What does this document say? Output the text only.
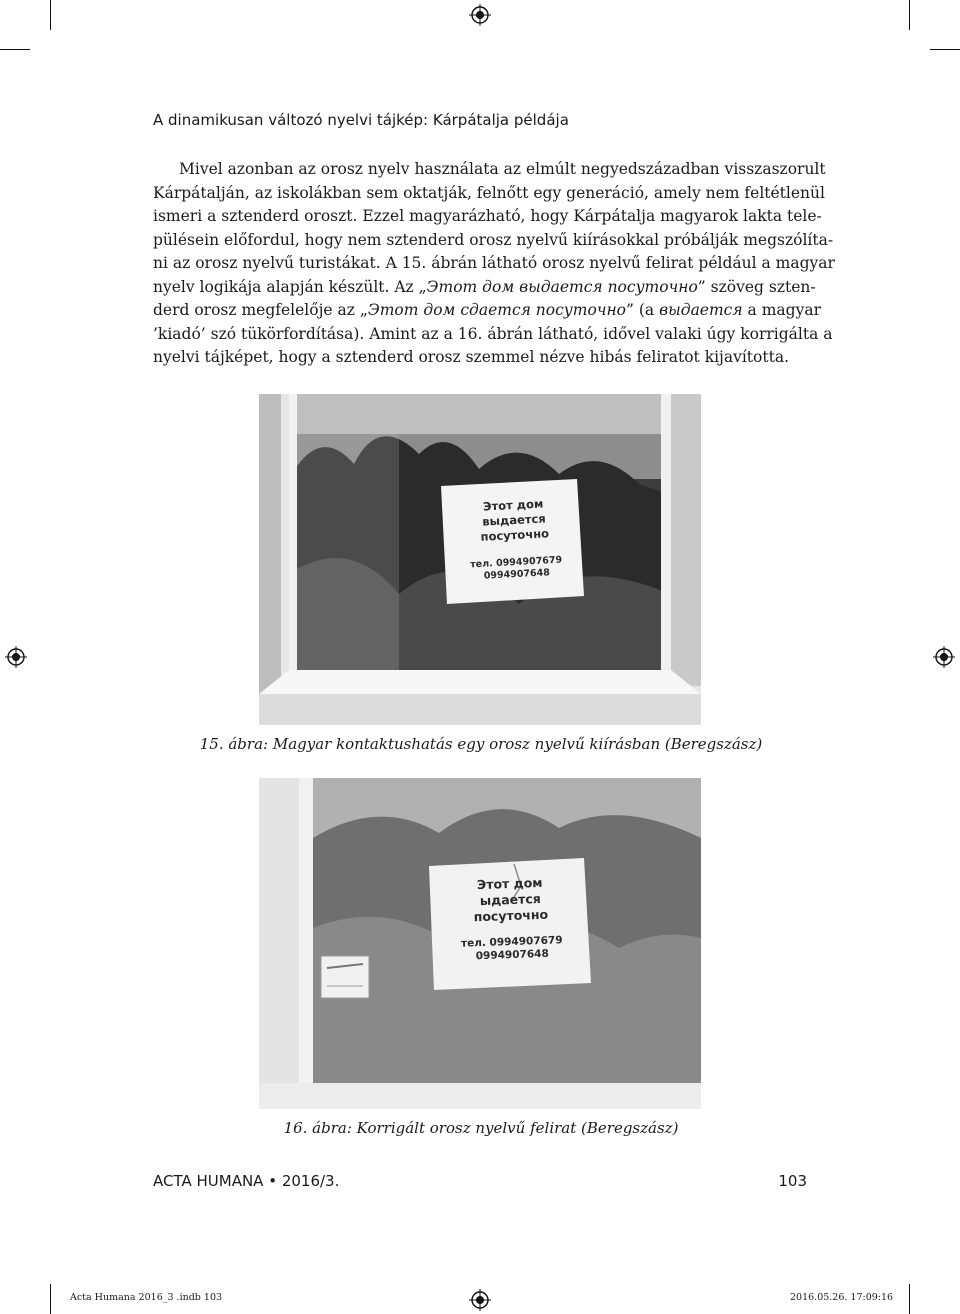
A dinamikusan változó nyelvi tájkép: Kárpátalja példája
Mivel azonban az orosz nyelv használata az elmúlt negyedszázadban visszaszorult
Kárpátalján, az iskolákban sem oktatják, felnőtt egy generáció, amely nem feltétlenül
ismeri a sztenderd oroszt. Ezzel magyarázható, hogy Kárpátalja magyarok lakta tele-
pülésein előfordul, hogy nem sztenderd orosz nyelvű kiírásokkal próbálják megszólíta-
ni az orosz nyelvű turistákat. A 15. ábrán látható orosz nyelvű felirat például a magyar
nyelv logikája alapján készült. Az „Этот дом выдается посуточно” szöveg szten-
derd orosz megfelelője az „Этот дом сдается посуточно” (a выдается a magyar
’kiadó’ szó tükörfordítása). Amint az a 16. ábrán látható, idővel valaki úgy korrigálta a
nyelvi tájképet, hogy a sztenderd orosz szemmel nézve hibás feliratot kijavította.
Этот дом
выдается
посуточно
тел. 0994907679
0994907648
15. ábra: Magyar kontaktushatás egy orosz nyelvű kiírásban (Beregszász)
Этот дом
ыдается
посуточно
тел. 0994907679
0994907648
16. ábra: Korrigált orosz nyelvű felirat (Beregszász)
ACTA HUMANA • 2016/3.	103
Acta Humana 2016_3 .indb 103	2016.05.26. 17:09:16
